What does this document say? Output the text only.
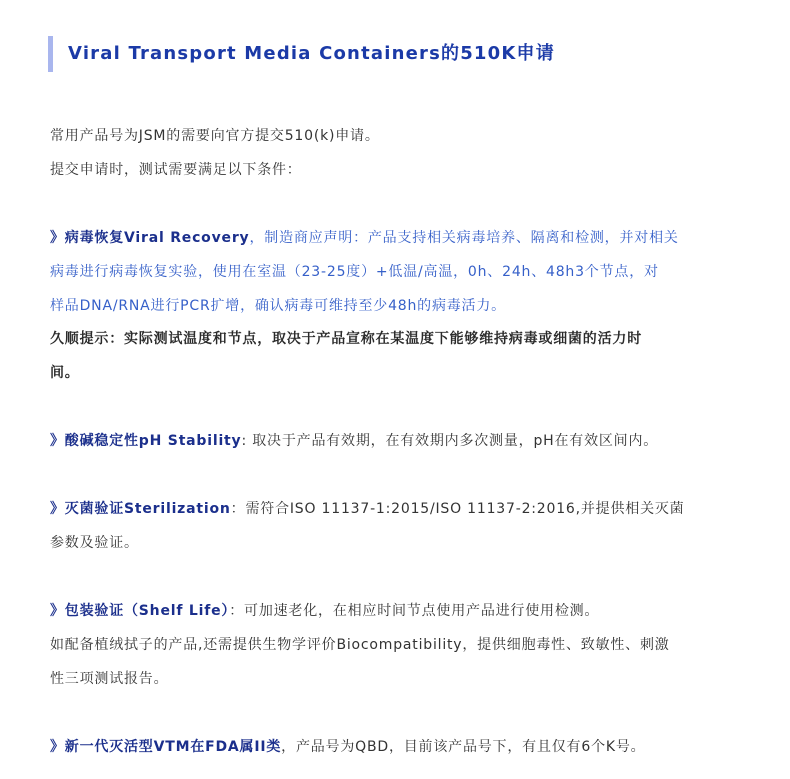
Viral Transport Media Containers的510K申请
常用产品号为JSM的需要向官方提交510(k)申请。
提交申请时，测试需要满足以下条件：
》病毒恢复Viral Recovery，制造商应声明：产品支持相关病毒培养、隔离和检测，并对相关
病毒进行病毒恢复实验，使用在室温（23-25度）+低温/高温，0h、24h、48h3个节点，对
样品DNA/RNA进行PCR扩增，确认病毒可维持至少48h的病毒活力。
久顺提示：实际测试温度和节点，取决于产品宣称在某温度下能够维持病毒或细菌的活力时
间。
》酸碱稳定性pH Stability: 取决于产品有效期，在有效期内多次测量，pH在有效区间内。
》灭菌验证Sterilization：需符合ISO 11137-1:2015/ISO 11137-2:2016,并提供相关灭菌
参数及验证。
》包装验证（Shelf Life）：可加速老化，在相应时间节点使用产品进行使用检测。
如配备植绒拭子的产品,还需提供生物学评价Biocompatibility，提供细胞毒性、致敏性、刺激
性三项测试报告。
》新一代灭活型VTM在FDA属II类，产品号为QBD，目前该产品号下，有且仅有6个K号。
